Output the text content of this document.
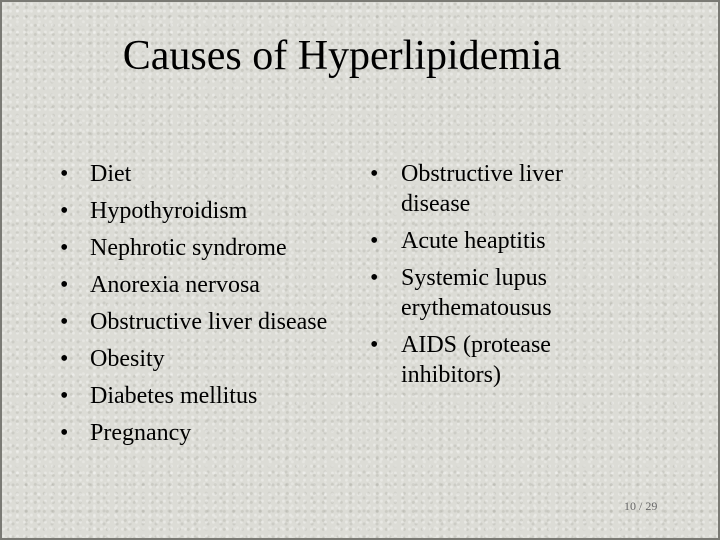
Causes of Hyperlipidemia
• Diet
• Hypothyroidism
• Nephrotic syndrome
• Anorexia nervosa
• Obstructive liver disease
• Obesity
• Diabetes mellitus
• Pregnancy
• Obstructive liver disease
• Acute heaptitis
• Systemic lupus erythematousus
• AIDS (protease inhibitors)
10 / 29
